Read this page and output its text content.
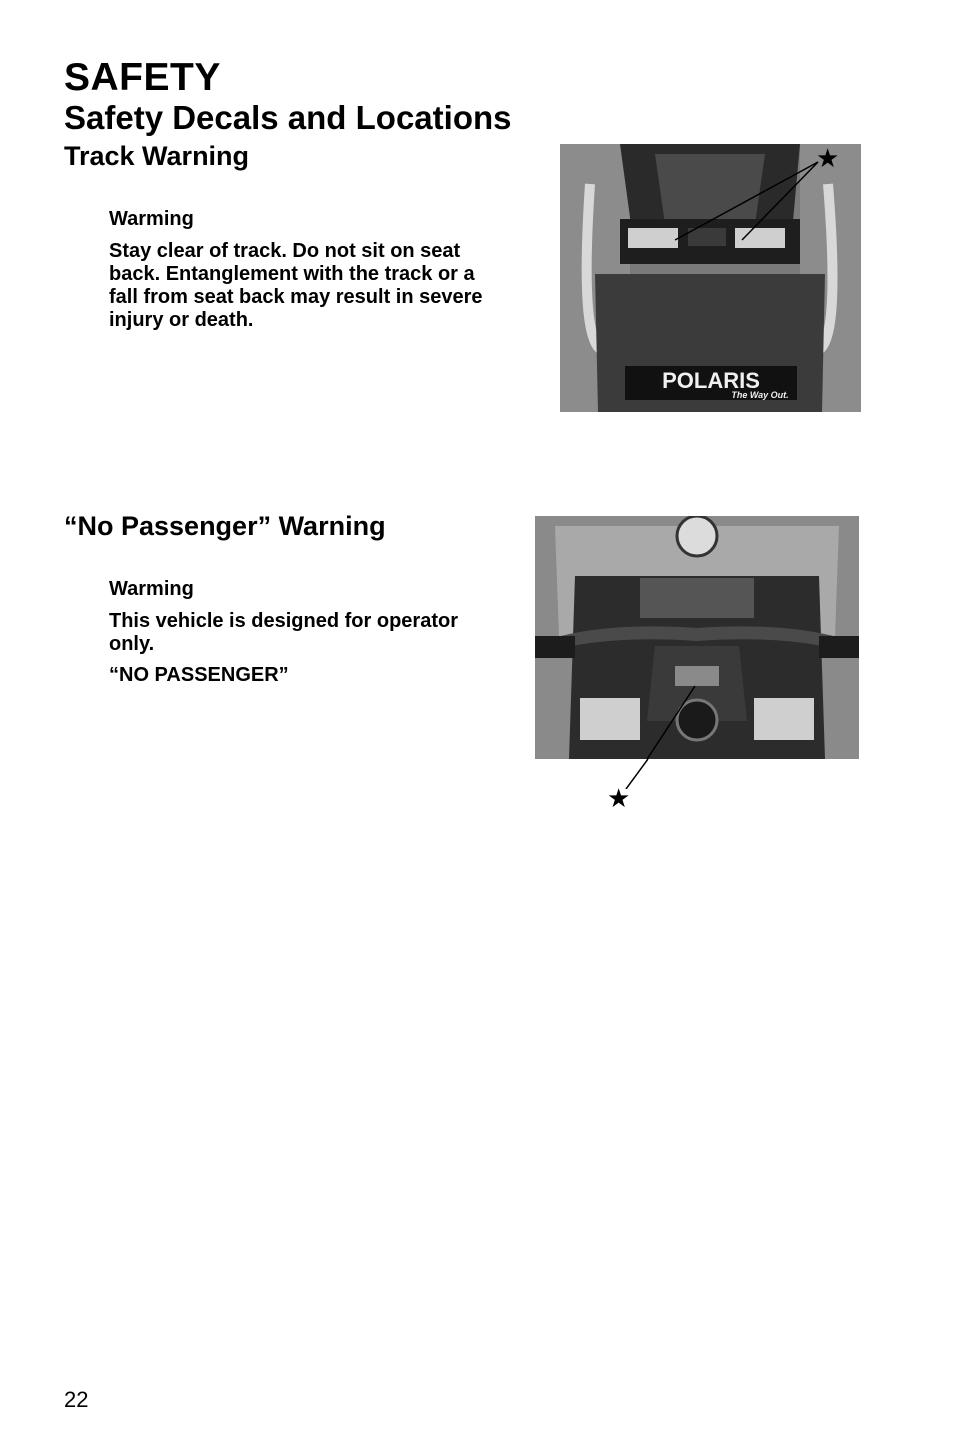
SAFETY
Safety Decals and Locations
Track Warning
Warming
Stay clear of track. Do not sit on seat back. Entanglement with the track or a fall from seat back may result in severe injury or death.
POLARIS
The Way Out.
★
“No Passenger” Warning
Warming
This vehicle is designed for operator only.
“NO PASSENGER”
★
22
